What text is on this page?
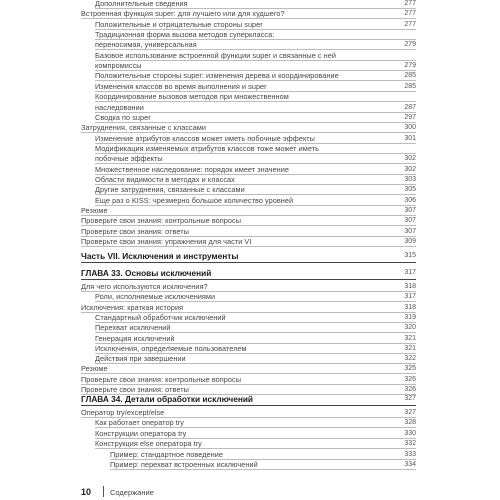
Дополнительные сведения	277
Встроенная функция super: для лучшего или для худшего?	277
Положительные и отрицательные стороны super	277
Традиционная форма вызова методов суперкласса:
переносимая, универсальная	279
Базовое использование встроенной функции super и связанные с ней
компромиссы	279
Положительные стороны super: изменения дерева и координирование	285
Изменения классов во время выполнения и super	285
Координирование вызовов методов при множественном
наследовании	287
Сводка по super	297
Затруднения, связанные с классами	300
Изменение атрибутов классов может иметь побочные эффекты	301
Модификация изменяемых атрибутов классов тоже может иметь
побочные эффекты	302
Множественное наследование: порядок имеет значение	302
Области видимости в методах и классах	303
Другие затруднения, связанные с классами	305
Еще раз о KISS: чрезмерно большое количество уровней	306
Резюме	307
Проверьте свои знания: контрольные вопросы	307
Проверьте свои знания: ответы	307
Проверьте свои знания: упражнения для части VI	309
Часть VII. Исключения и инструменты	315
ГЛАВА 33. Основы исключений	317
Для чего используются исключения?	318
Роли, исполняемые исключениями	317
Исключения: краткая история	318
Стандартный обработчик исключений	319
Перехват исключений	320
Генерация исключений	321
Исключения, определяемые пользователем	321
Действия при завершении	322
Резюме	325
Проверьте свои знания: контрольные вопросы	326
Проверьте свои знания: ответы	326
ГЛАВА 34. Детали обработки исключений	327
Оператор try/except/else	327
Как работает оператор try	328
Конструкции оператора try	330
Конструкция else оператора try	332
Пример: стандартное поведение	333
Пример: перехват встроенных исключений	334
10	Содержание
